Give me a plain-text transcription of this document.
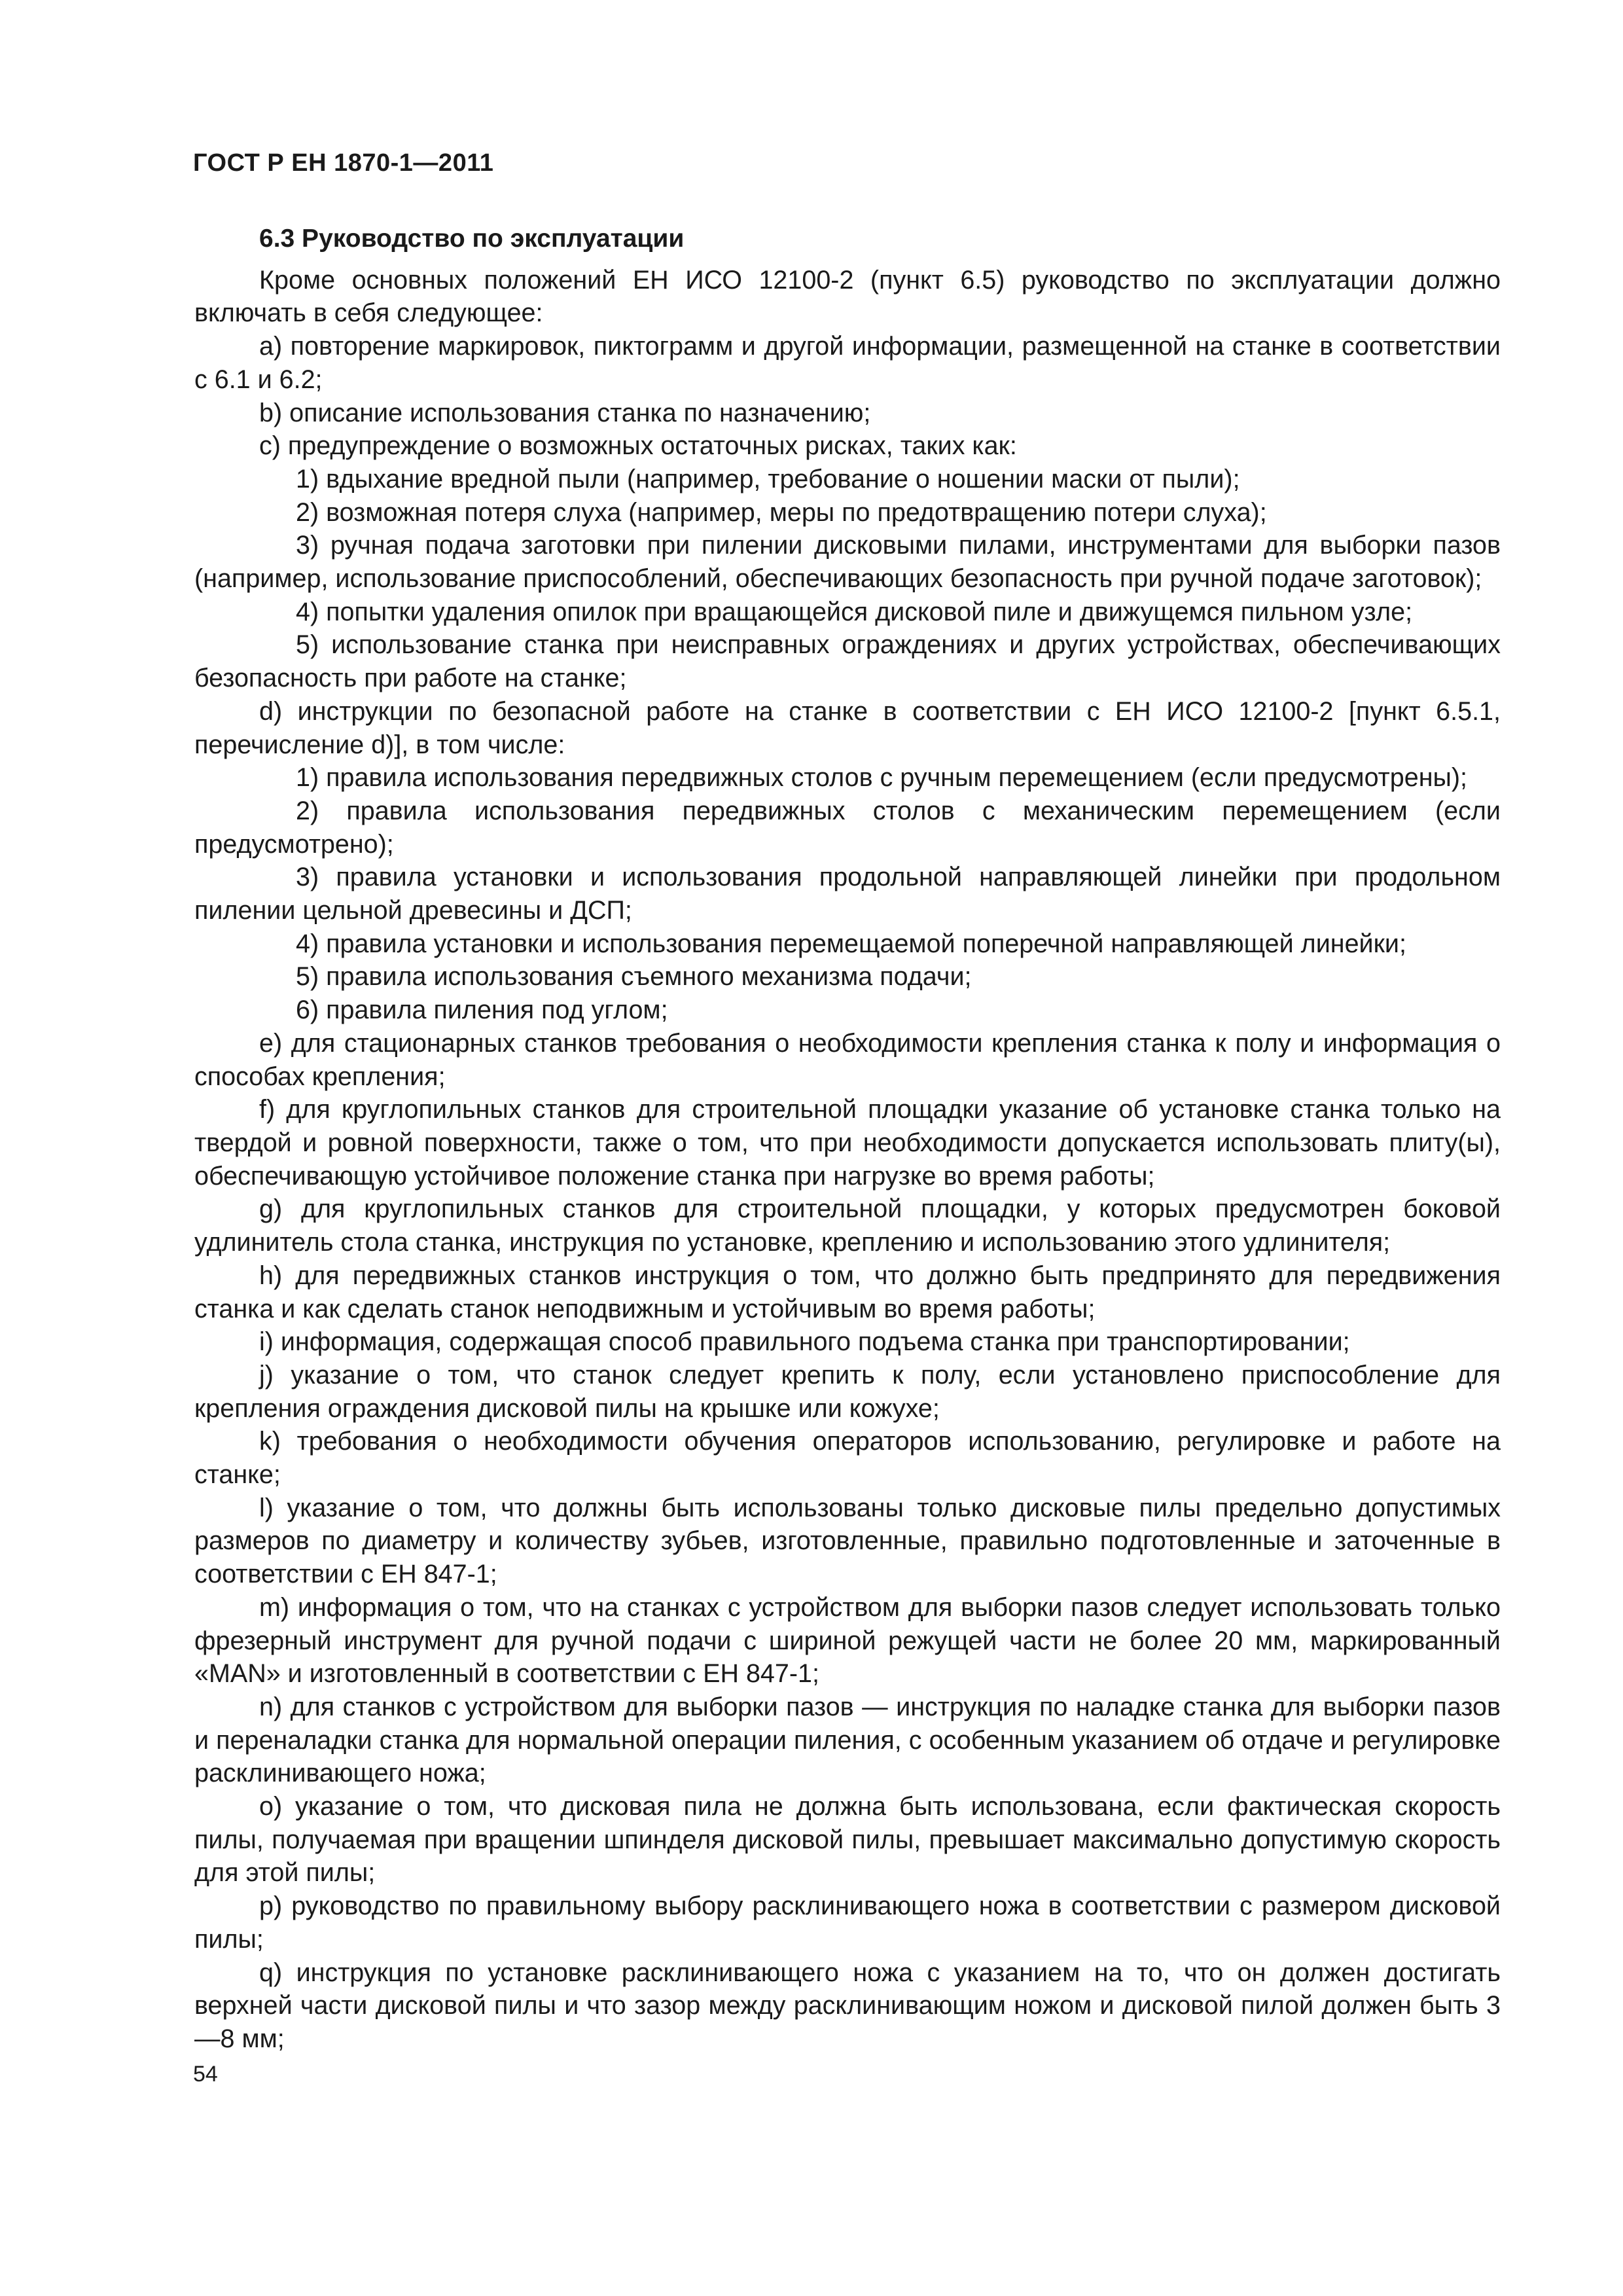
ГОСТ Р ЕН 1870-1—2011
6.3 Руководство по эксплуатации

Кроме основных положений ЕН ИСО 12100-2 (пункт 6.5) руководство по эксплуатации должно включать в себя следующее:

a) повторение маркировок, пиктограмм и другой информации, размещенной на станке в соответствии с 6.1 и 6.2;

b) описание использования станка по назначению;

c) предупреждение о возможных остаточных рисках, таких как:

1) вдыхание вредной пыли (например, требование о ношении маски от пыли);

2) возможная потеря слуха (например, меры по предотвращению потери слуха);

3) ручная подача заготовки при пилении дисковыми пилами, инструментами для выборки пазов (например, использование приспособлений, обеспечивающих безопасность при ручной подаче заготовок);

4) попытки удаления опилок при вращающейся дисковой пиле и движущемся пильном узле;

5) использование станка при неисправных ограждениях и других устройствах, обеспечивающих безопасность при работе на станке;

d) инструкции по безопасной работе на станке в соответствии с ЕН ИСО 12100-2 [пункт 6.5.1, перечисление d)], в том числе:

1) правила использования передвижных столов с ручным перемещением (если предусмотрены);

2) правила использования передвижных столов с механическим перемещением (если предусмотрено);

3) правила установки и использования продольной направляющей линейки при продольном пилении цельной древесины и ДСП;

4) правила установки и использования перемещаемой поперечной направляющей линейки;

5) правила использования съемного механизма подачи;

6) правила пиления под углом;

e) для стационарных станков требования о необходимости крепления станка к полу и информация о способах крепления;

f) для круглопильных станков для строительной площадки указание об установке станка только на твердой и ровной поверхности, также о том, что при необходимости допускается использовать плиту(ы), обеспечивающую устойчивое положение станка при нагрузке во время работы;

g) для круглопильных станков для строительной площадки, у которых предусмотрен боковой удлинитель стола станка, инструкция по установке, креплению и использованию этого удлинителя;

h) для передвижных станков инструкция о том, что должно быть предпринято для передвижения станка и как сделать станок неподвижным и устойчивым во время работы;

i) информация, содержащая способ правильного подъема станка при транспортировании;

j) указание о том, что станок следует крепить к полу, если установлено приспособление для крепления ограждения дисковой пилы на крышке или кожухе;

k) требования о необходимости обучения операторов использованию, регулировке и работе на станке;

l) указание о том, что должны быть использованы только дисковые пилы предельно допустимых размеров по диаметру и количеству зубьев, изготовленные, правильно подготовленные и заточенные в соответствии с ЕН 847-1;

m) информация о том, что на станках с устройством для выборки пазов следует использовать только фрезерный инструмент для ручной подачи с шириной режущей части не более 20 мм, маркированный «MAN» и изготовленный в соответствии с ЕН 847-1;

n) для станков с устройством для выборки пазов — инструкция по наладке станка для выборки пазов и переналадки станка для нормальной операции пиления, с особенным указанием об отдаче и регулировке расклинивающего ножа;

o) указание о том, что дисковая пила не должна быть использована, если фактическая скорость пилы, получаемая при вращении шпинделя дисковой пилы, превышает максимально допустимую скорость для этой пилы;

p) руководство по правильному выбору расклинивающего ножа в соответствии с размером дисковой пилы;

q) инструкция по установке расклинивающего ножа с указанием на то, что он должен достигать верхней части дисковой пилы и что зазор между расклинивающим ножом и дисковой пилой должен быть 3—8 мм;

54
